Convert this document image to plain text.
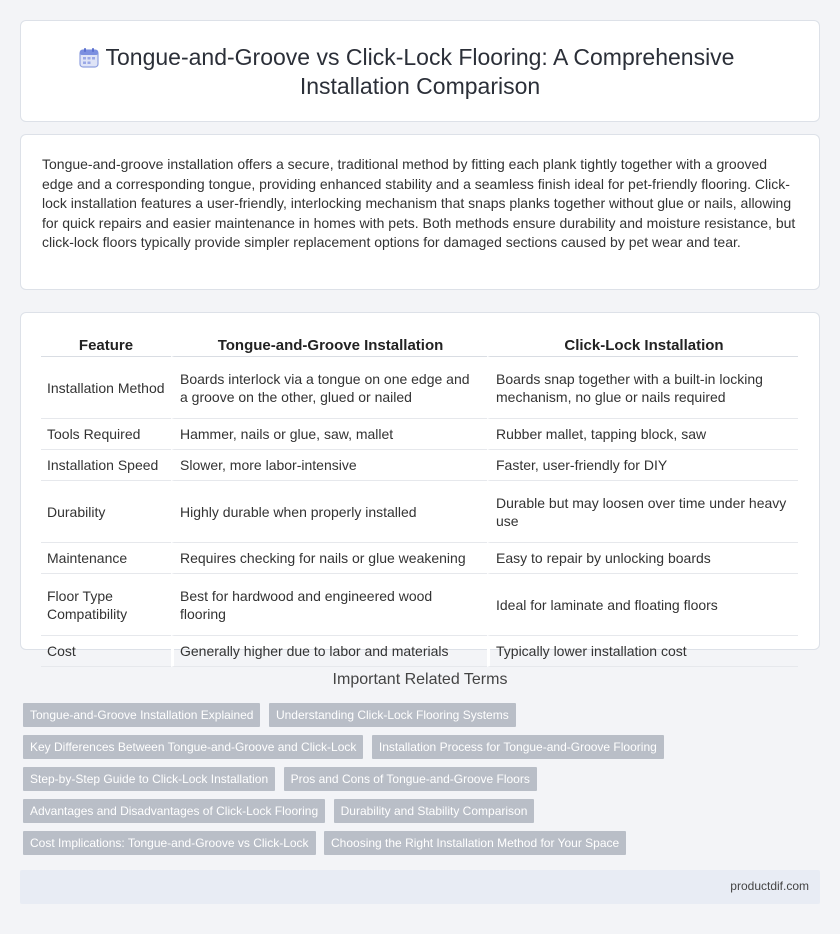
Tongue-and-Groove vs Click-Lock Flooring: A Comprehensive Installation Comparison

Tongue-and-groove installation offers a secure, traditional method by fitting each plank tightly together with a grooved edge and a corresponding tongue, providing enhanced stability and a seamless finish ideal for pet-friendly flooring. Click-lock installation features a user-friendly, interlocking mechanism that snaps planks together without glue or nails, allowing for quick repairs and easier maintenance in homes with pets. Both methods ensure durability and moisture resistance, but click-lock floors typically provide simpler replacement options for damaged sections caused by pet wear and tear.

Feature	Tongue-and-Groove Installation	Click-Lock Installation
Installation Method	Boards interlock via a tongue on one edge and a groove on the other, glued or nailed	Boards snap together with a built-in locking mechanism, no glue or nails required
Tools Required	Hammer, nails or glue, saw, mallet	Rubber mallet, tapping block, saw
Installation Speed	Slower, more labor-intensive	Faster, user-friendly for DIY
Durability	Highly durable when properly installed	Durable but may loosen over time under heavy use
Maintenance	Requires checking for nails or glue weakening	Easy to repair by unlocking boards
Floor Type Compatibility	Best for hardwood and engineered wood flooring	Ideal for laminate and floating floors
Cost	Generally higher due to labor and materials	Typically lower installation cost
Important Related Terms
Tongue-and-Groove Installation Explained Understanding Click-Lock Flooring Systems
Key Differences Between Tongue-and-Groove and Click-Lock Installation Process for Tongue-and-Groove Flooring
Step-by-Step Guide to Click-Lock Installation Pros and Cons of Tongue-and-Groove Floors
Advantages and Disadvantages of Click-Lock Flooring Durability and Stability Comparison
Cost Implications: Tongue-and-Groove vs Click-Lock Choosing the Right Installation Method for Your Space
productdif.com
